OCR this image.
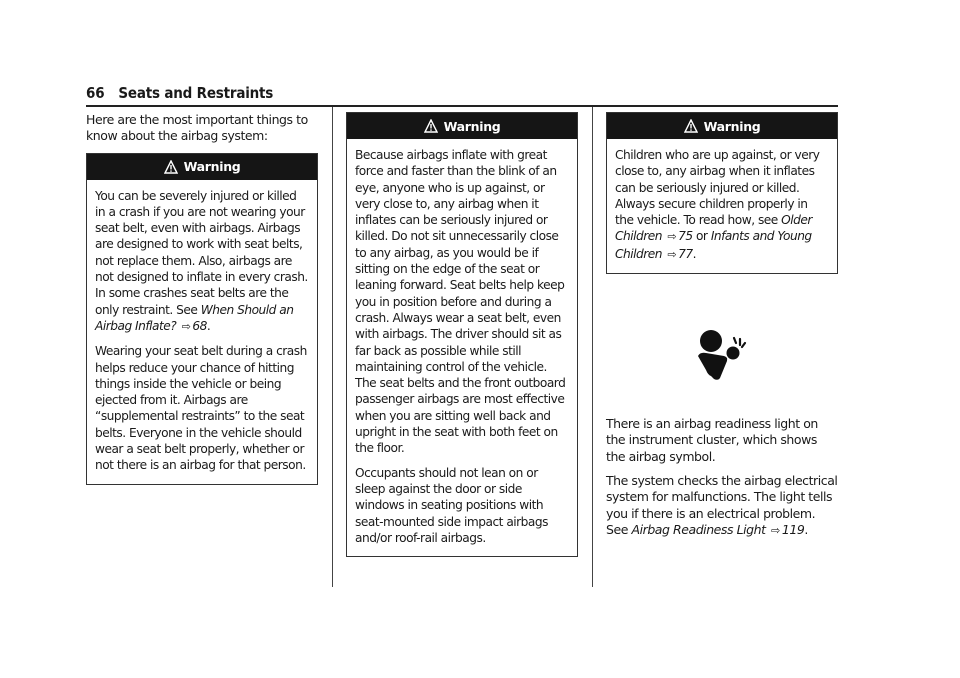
66 Seats and Restraints

Here are the most important things to know about the airbag system:

Warning

You can be severely injured or killed in a crash if you are not wearing your seat belt, even with airbags. Airbags are designed to work with seat belts, not replace them. Also, airbags are not designed to inflate in every crash. In some crashes seat belts are the only restraint. See When Should an Airbag Inflate? ⇨ 68.

Wearing your seat belt during a crash helps reduce your chance of hitting things inside the vehicle or being ejected from it. Airbags are “supplemental restraints” to the seat belts. Everyone in the vehicle should wear a seat belt properly, whether or not there is an airbag for that person.

Warning

Because airbags inflate with great force and faster than the blink of an eye, anyone who is up against, or very close to, any airbag when it inflates can be seriously injured or killed. Do not sit unnecessarily close to any airbag, as you would be if sitting on the edge of the seat or leaning forward. Seat belts help keep you in position before and during a crash. Always wear a seat belt, even with airbags. The driver should sit as far back as possible while still maintaining control of the vehicle. The seat belts and the front outboard passenger airbags are most effective when you are sitting well back and upright in the seat with both feet on the floor.

Occupants should not lean on or sleep against the door or side windows in seating positions with seat-mounted side impact airbags and/or roof-rail airbags.

Warning

Children who are up against, or very close to, any airbag when it inflates can be seriously injured or killed. Always secure children properly in the vehicle. To read how, see Older Children ⇨ 75 or Infants and Young Children ⇨ 77.

There is an airbag readiness light on the instrument cluster, which shows the airbag symbol.

The system checks the airbag electrical system for malfunctions. The light tells you if there is an electrical problem. See Airbag Readiness Light ⇨ 119.
